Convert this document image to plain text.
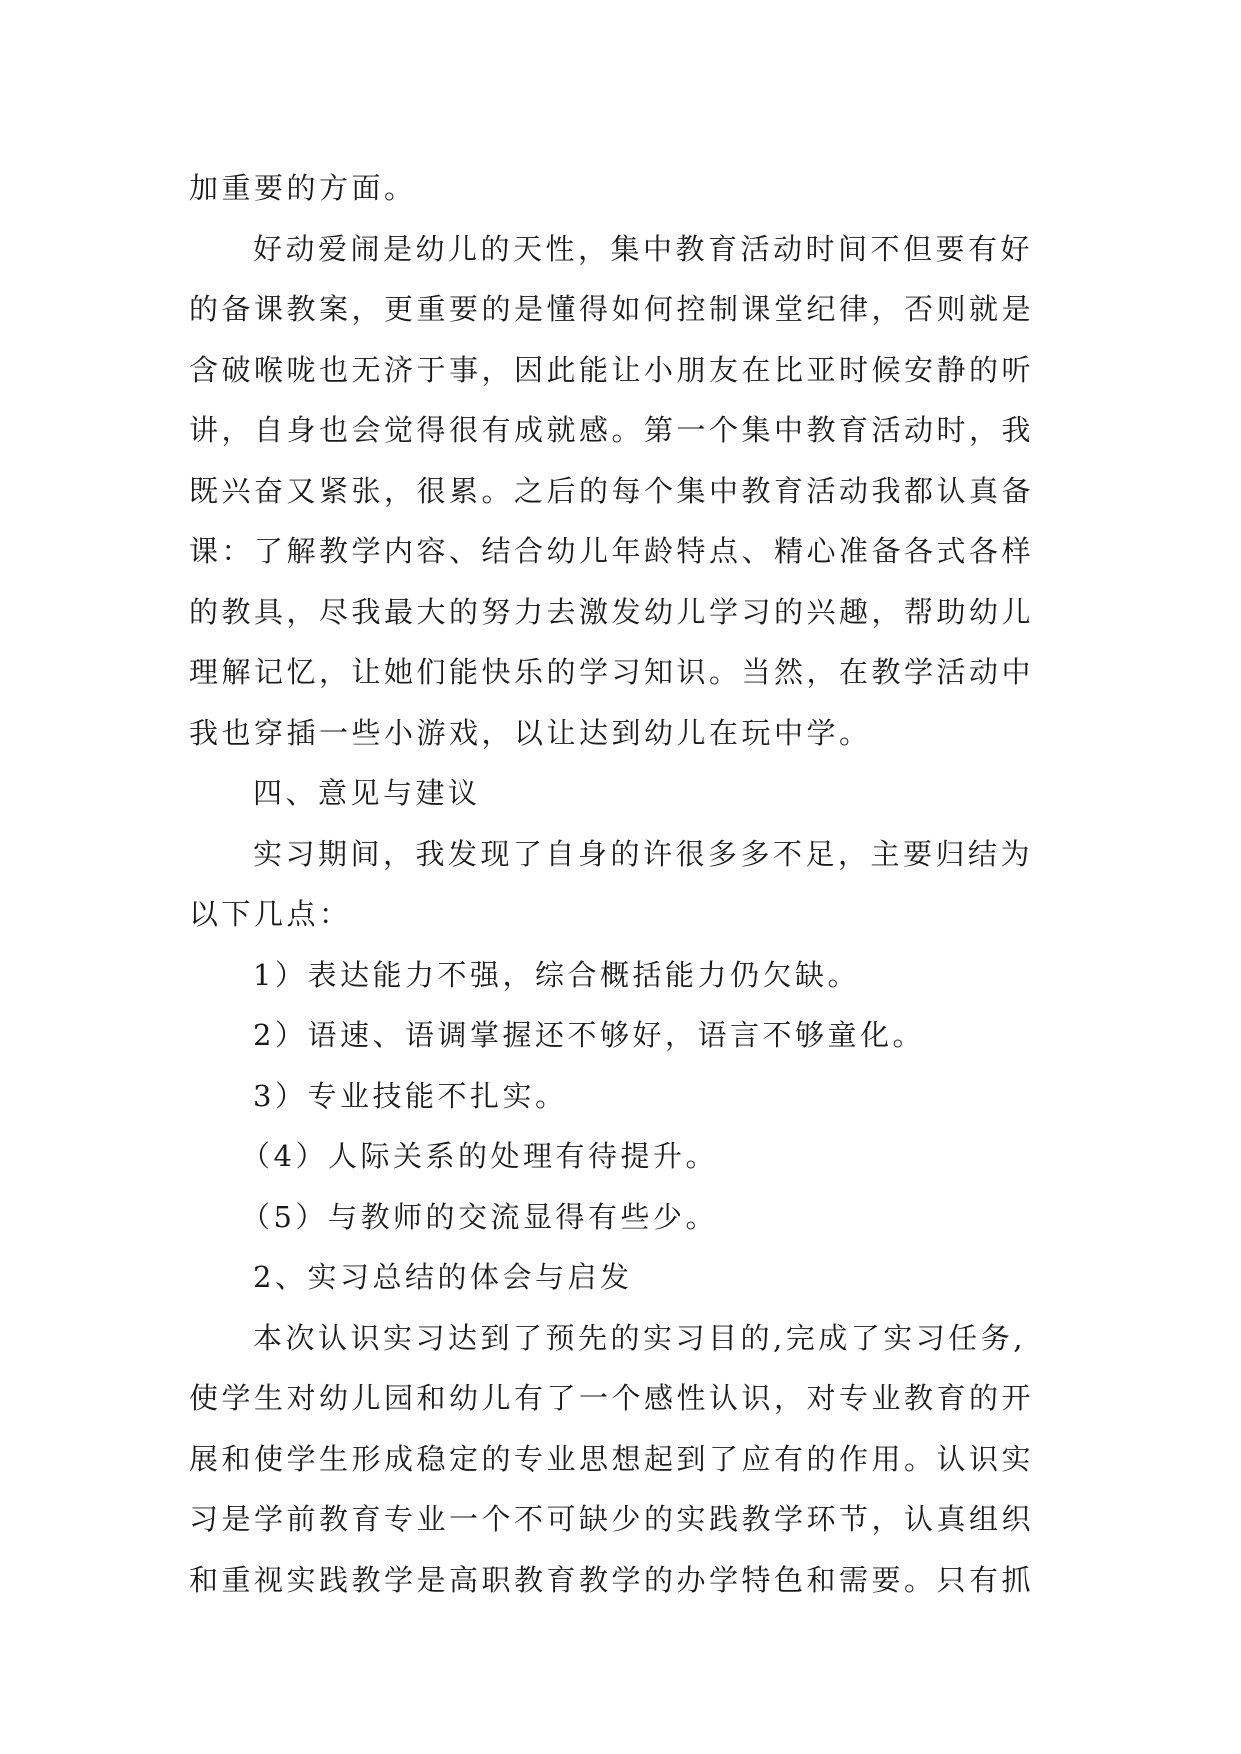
加重要的方面。
好动爱闹是幼儿的天性，集中教育活动时间不但要有好
的备课教案，更重要的是懂得如何控制课堂纪律，否则就是
含破喉咙也无济于事，因此能让小朋友在比亚时候安静的听
讲，自身也会觉得很有成就感。第一个集中教育活动时，我
既兴奋又紧张，很累。之后的每个集中教育活动我都认真备
课：了解教学内容、结合幼儿年龄特点、精心准备各式各样
的教具，尽我最大的努力去激发幼儿学习的兴趣，帮助幼儿
理解记忆，让她们能快乐的学习知识。当然，在教学活动中
我也穿插一些小游戏，以让达到幼儿在玩中学。
四、意见与建议
实习期间，我发现了自身的许很多多不足，主要归结为
以下几点：
1）表达能力不强，综合概括能力仍欠缺。
2）语速、语调掌握还不够好，语言不够童化。
3）专业技能不扎实。
（4）人际关系的处理有待提升。
（5）与教师的交流显得有些少。
2、实习总结的体会与启发
本次认识实习达到了预先的实习目的,完成了实习任务,
使学生对幼儿园和幼儿有了一个感性认识，对专业教育的开
展和使学生形成稳定的专业思想起到了应有的作用。认识实
习是学前教育专业一个不可缺少的实践教学环节，认真组织
和重视实践教学是高职教育教学的办学特色和需要。只有抓
